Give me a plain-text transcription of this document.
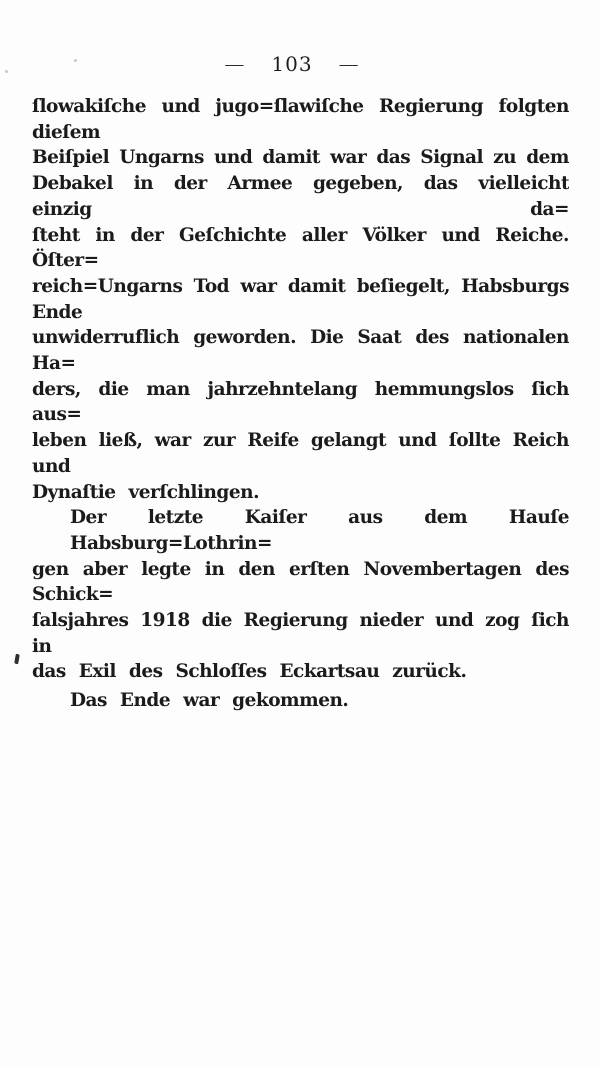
— 103 —
ſlowakiſche und jugo=ſlawiſche Regierung folgten dieſem
Beiſpiel Ungarns und damit war das Signal zu dem
Debakel in der Armee gegeben, das vielleicht einzig da=
ſteht in der Geſchichte aller Völker und Reiche. Öſter=
reich=Ungarns Tod war damit beſiegelt, Habsburgs Ende
unwiderruflich geworden. Die Saat des nationalen Ha=
ders, die man jahrzehntelang hemmungslos ſich aus=
leben ließ, war zur Reife gelangt und ſollte Reich und
Dynaſtie verſchlingen.
Der letzte Kaiſer aus dem Hauſe Habsburg=Lothrin=
gen aber legte in den erſten Novembertagen des Schick=
ſalsjahres 1918 die Regierung nieder und zog ſich in
das Exil des Schloſſes Eckartsau zurück.
Das Ende war gekommen.
